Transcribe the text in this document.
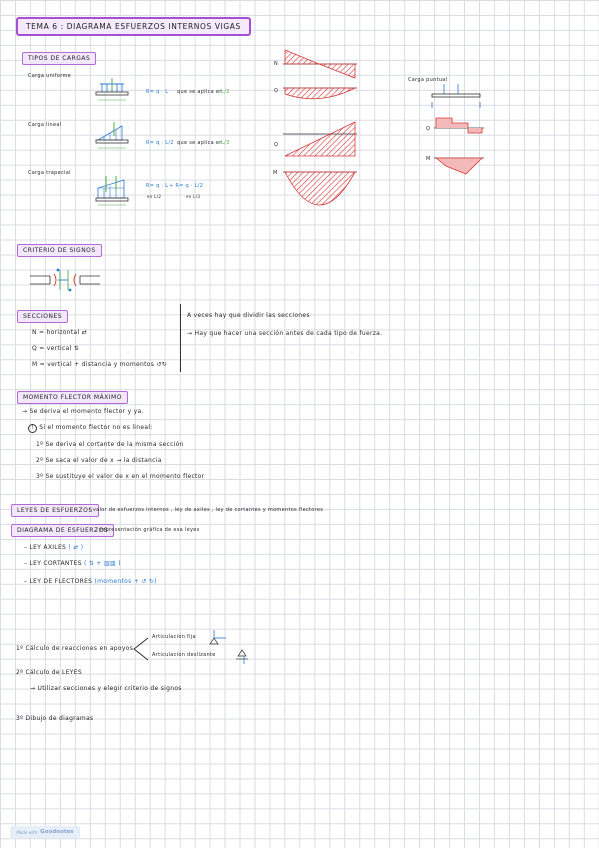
TEMA 6 : DIAGRAMA ESFUERZOS INTERNOS VIGAS
TIPOS DE CARGAS
Carga uniforme
R= q · L que se aplica en
L/2
Carga lineal
R= q · L/2 que se aplica en
L/3
Carga trapecial
R= q · L + R= q · L/2
en L/2	en L/3
N
Q
Q
M
Carga puntual
Q
M
CRITERIO DE SIGNOS
SECCIONES
N = horizontal ⇄
Q = vertical ⇅
M = vertical + distancia y momentos ↺↻
A veces hay que dividir las secciones
→ Hay que hacer una sección antes de cada tipo de fuerza.
MOMENTO FLECTOR MÁXIMO
→ Se deriva el momento flector y ya.
! Si el momento flector no es lineal:
1º Se deriva el cortante de la misma sección
2º Se saca el valor de x → la distancia
3º Se sustituye el valor de x en el momento flector
LEYES DE ESFUERZOS
: valor de esfuerzos internos , ley de axiles , ley de cortantes y momentos flectores
DIAGRAMA DE ESFUERZOS
: representación gráfica de esa leyes
– LEY AXILES ( ⇄ )
– LEY CORTANTES ( ⇅ + ▥▥ )
– LEY DE FLECTORES (momentos + ↺ ↻)
1º Cálculo de reacciones en apoyos
Articulación fija
Articulación deslizante
2º Cálculo de LEYES
→ Utilizar secciones y elegir criterio de signos
3º Dibujo de diagramas
Made with Goodnotes
